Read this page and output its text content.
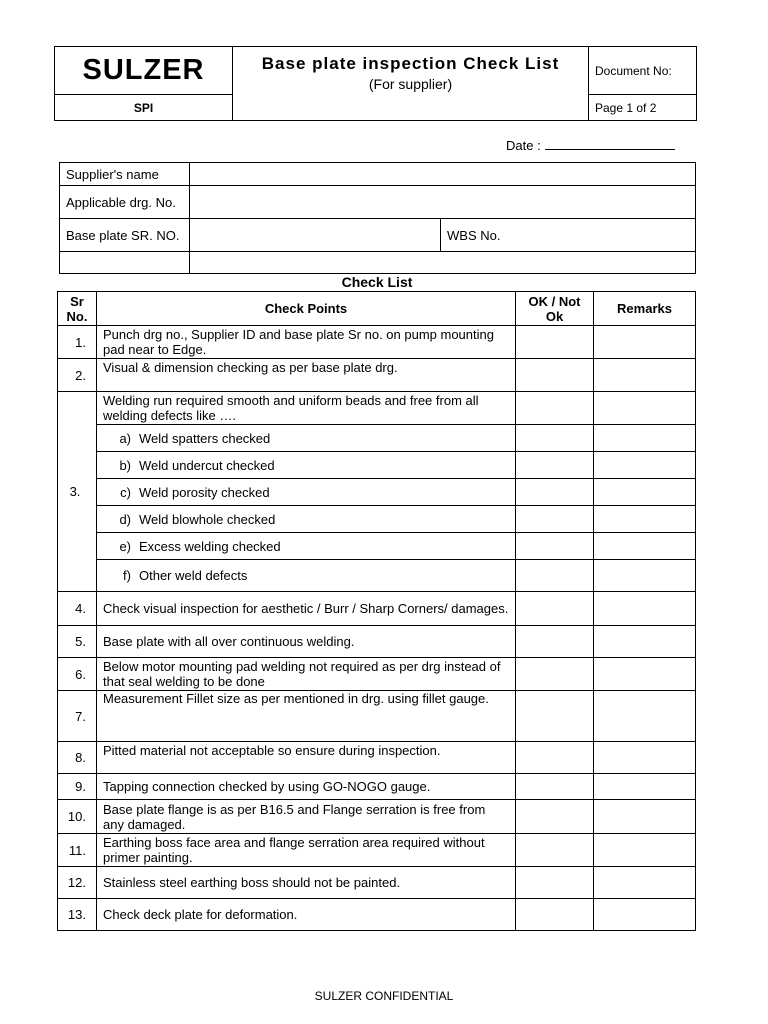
SULZER	Base plate inspection Check List
(For supplier)	Document No:
SPI		Page 1 of 2
Date :
Supplier's name		
Applicable drg. No.		
Base plate SR. NO.		WBS No.

Check List
Sr No.	Check Points	OK / Not Ok	Remarks
1.	Punch drg no., Supplier ID and base plate Sr no. on pump mounting pad near to Edge.		
2.	Visual & dimension checking as per base plate drg.		
3.	Welding run required smooth and uniform beads and free from all welding defects like ….		

	a) Weld spatters checked		

	b) Weld undercut checked		

	c) Weld porosity checked		

	d) Weld blowhole checked		

	e) Excess welding checked		

	f) Other weld defects		

4.	Check visual inspection for aesthetic / Burr / Sharp Corners/ damages.		
5.	Base plate with all over continuous welding.		
6.	Below motor mounting pad welding not required as per drg instead of that seal welding to be done		
7.	Measurement Fillet size as per mentioned in drg. using fillet gauge.		
8.	Pitted material not acceptable so ensure during inspection.		
9.	Tapping connection checked by using GO-NOGO gauge.		
10.	Base plate flange is as per B16.5 and Flange serration is free from any damaged.		
11.	Earthing boss face area and flange serration area required without primer painting.		
12.	Stainless steel earthing boss should not be painted.		
13.	Check deck plate for deformation.		
SULZER CONFIDENTIAL
